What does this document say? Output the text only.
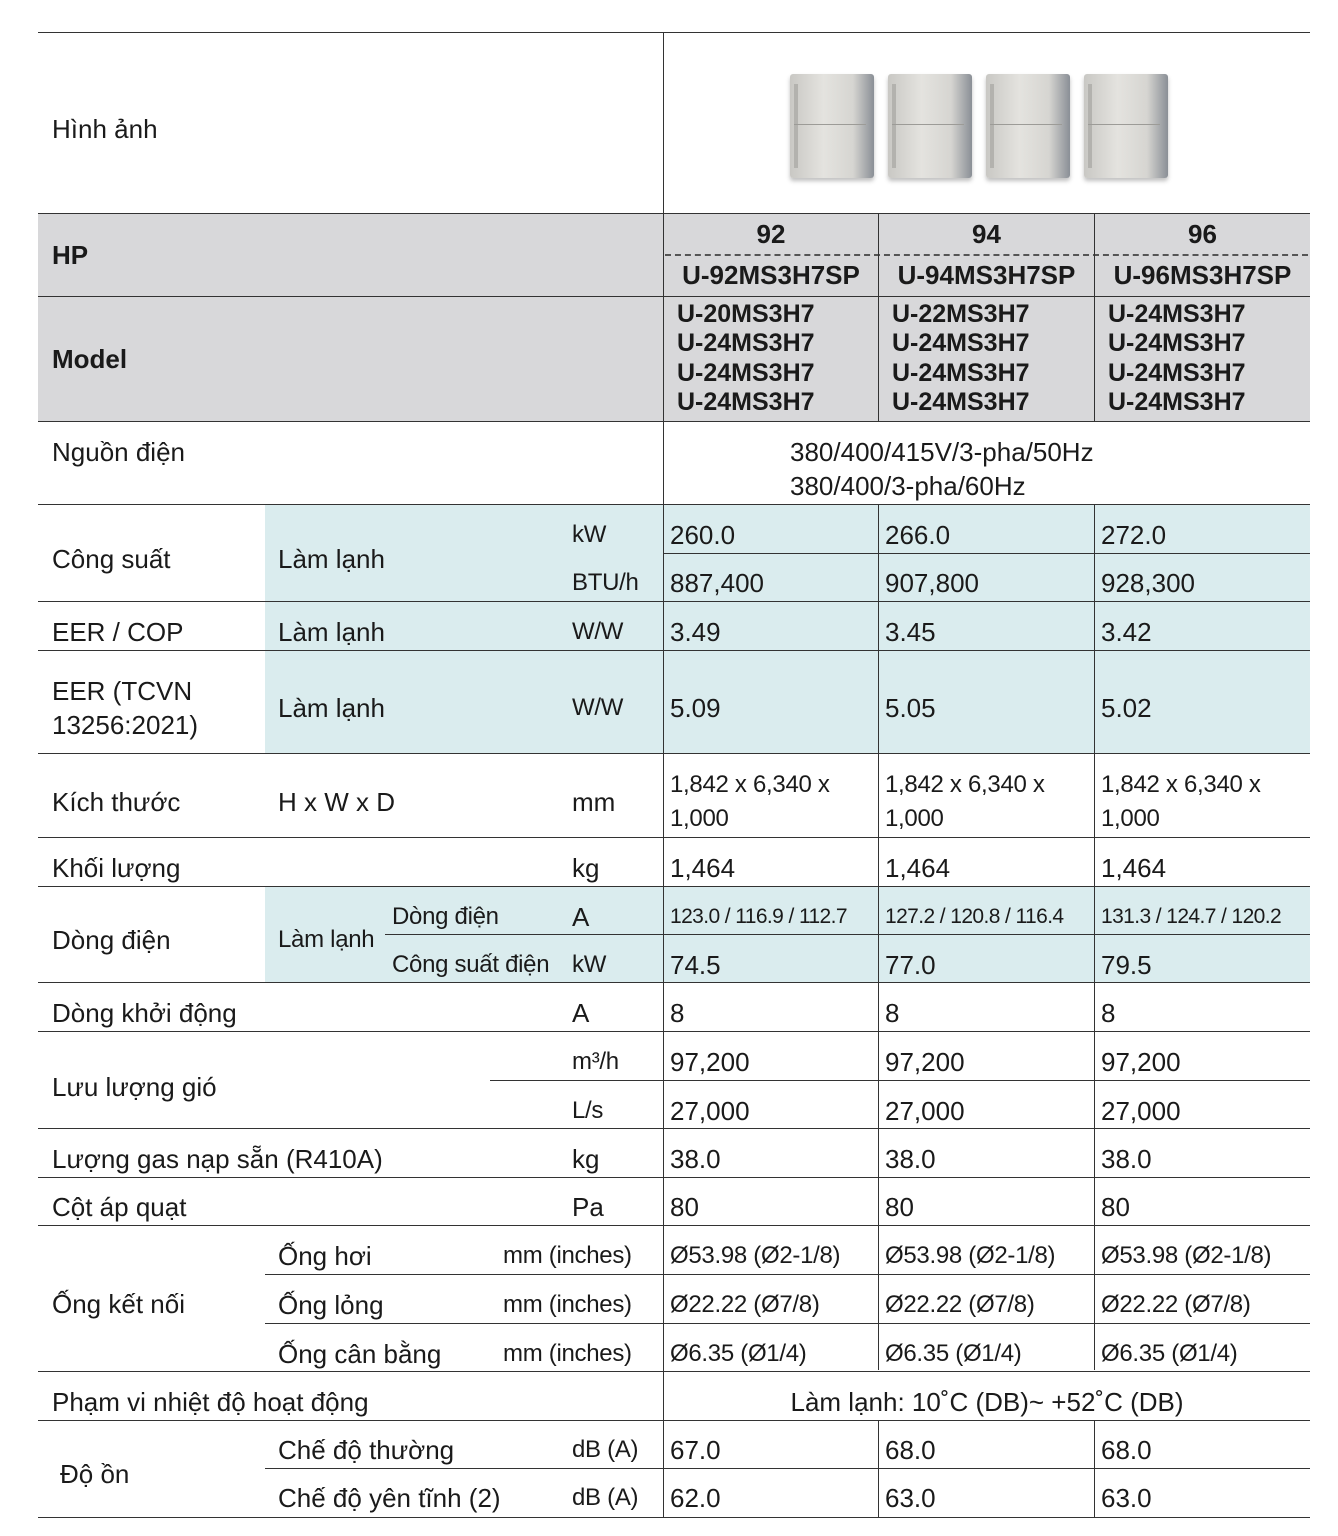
Hình ảnh
HP
Model
Nguồn điện
Công suất
EER / COP
EER (TCVN
13256:2021)
Kích thước
Khối lượng
Dòng điện
Dòng khởi động
Lưu lượng gió
Lượng gas nạp sẵn (R410A)
Cột áp quạt
Ống kết nối
Phạm vi nhiệt độ hoạt động
Độ ồn
Làm lạnh
Làm lạnh
Làm lạnh
H x W x D
Làm lạnh
Dòng điện
Công suất điện
Ống hơi
Ống lỏng
Ống cân bằng
Chế độ thường
Chế độ yên tĩnh (2)
kW
BTU/h
W/W
W/W
mm
kg
A
kW
A
m³/h
L/s
kg
Pa
mm (inches)
mm (inches)
mm (inches)
dB (A)
dB (A)
380/400/415V/3-pha/50Hz
380/400/3-pha/60Hz
Làm lạnh: 10˚C (DB)~ +52˚C (DB)
92
U-92MS3H7SP
U-20MS3H7
U-24MS3H7
U-24MS3H7
U-24MS3H7
260.0
887,400
3.49
5.09
1,842 x 6,340 x
1,000
1,464
123.0 / 116.9 / 112.7
74.5
8
97,200
27,000
38.0
80
Ø53.98 (Ø2-1/8)
Ø22.22 (Ø7/8)
Ø6.35 (Ø1/4)
67.0
62.0
94
U-94MS3H7SP
U-22MS3H7
U-24MS3H7
U-24MS3H7
U-24MS3H7
266.0
907,800
3.45
5.05
1,842 x 6,340 x
1,000
1,464
127.2 / 120.8 / 116.4
77.0
8
97,200
27,000
38.0
80
Ø53.98 (Ø2-1/8)
Ø22.22 (Ø7/8)
Ø6.35 (Ø1/4)
68.0
63.0
96
U-96MS3H7SP
U-24MS3H7
U-24MS3H7
U-24MS3H7
U-24MS3H7
272.0
928,300
3.42
5.02
1,842 x 6,340 x
1,000
1,464
131.3 / 124.7 / 120.2
79.5
8
97,200
27,000
38.0
80
Ø53.98 (Ø2-1/8)
Ø22.22 (Ø7/8)
Ø6.35 (Ø1/4)
68.0
63.0
